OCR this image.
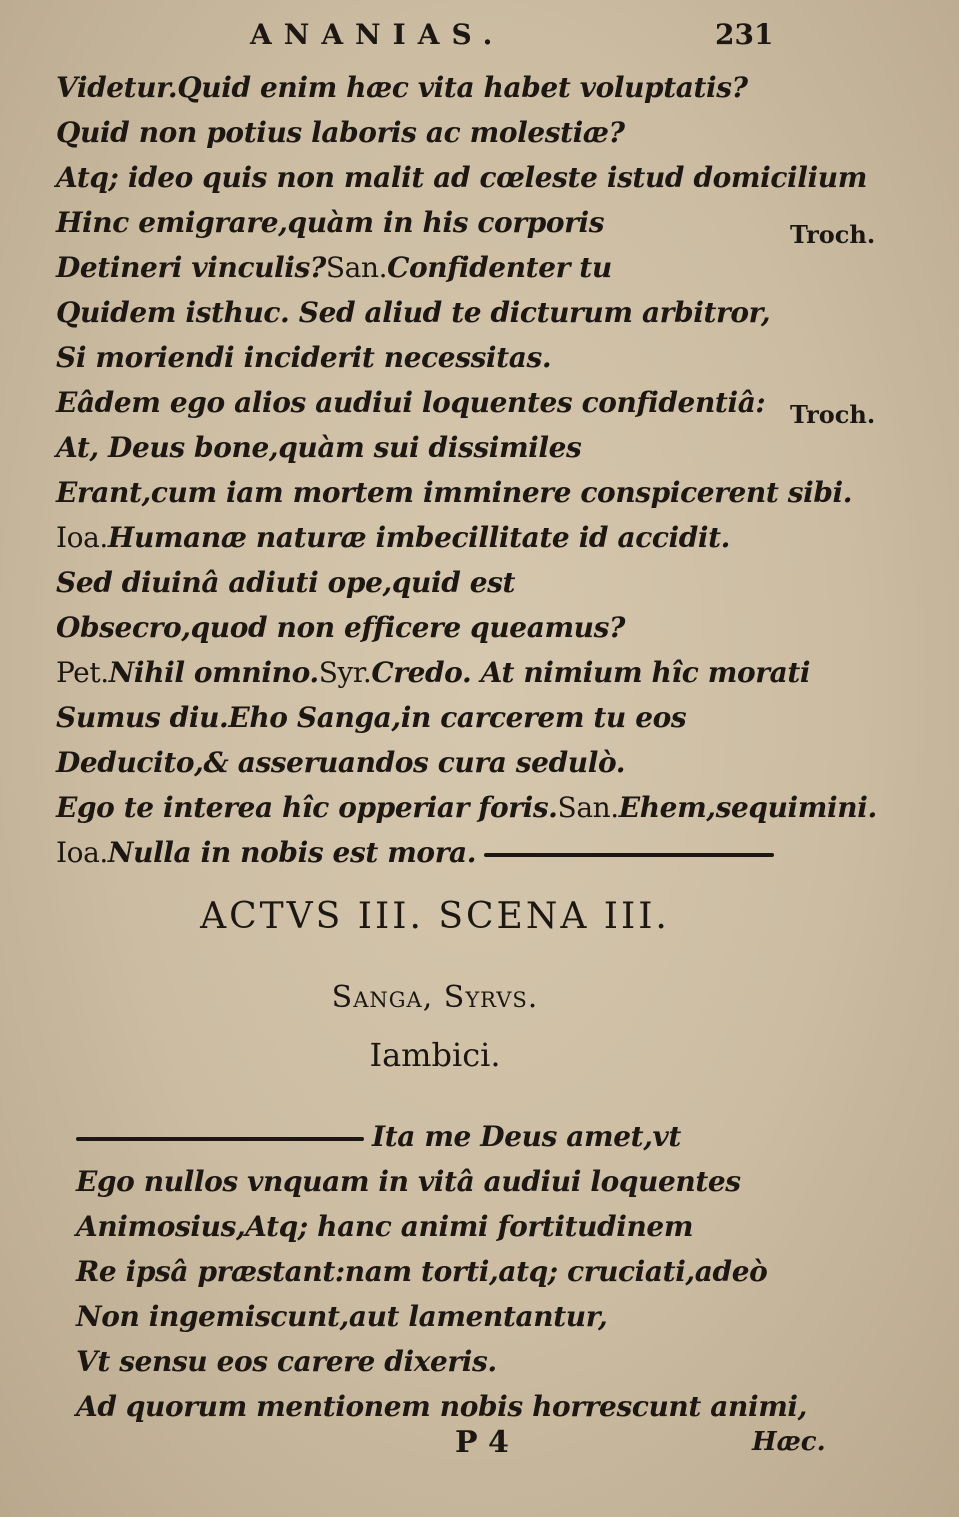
ANANIAS.	231
Videtur.Quid enim hæc vita habet voluptatis?
Quid non potius laboris ac molestiæ?
Atq; ideo quis non malit ad cœleste istud domicilium
Hinc emigrare,quàm in his corporis
Detineri vinculis?San.Confidenter tu
Quidem isthuc. Sed aliud te dicturum arbitror,
Si moriendi inciderit necessitas.
Eâdem ego alios audiui loquentes confidentiâ:
At, Deus bone,quàm sui dissimiles
Erant,cum iam mortem imminere conspicerent sibi.
Ioa.Humanæ naturæ imbecillitate id accidit.
Sed diuinâ adiuti ope,quid est
Obsecro,quod non efficere queamus?
Pet.Nihil omnino.Syr.Credo. At nimium hîc morati
Sumus diu.Eho Sanga,in carcerem tu eos
Deducito,& asseruandos cura sedulò.
Ego te interea hîc opperiar foris.San.Ehem,sequimini.
Ioa.Nulla in nobis est mora.
Troch.
Troch.
ACTVS III. SCENA III.
Sanga, Syrvs.
Iambici.
Ita me Deus amet,vt
Ego nullos vnquam in vitâ audiui loquentes
Animosius,Atq; hanc animi fortitudinem
Re ipsâ præstant:nam torti,atq; cruciati,adeò
Non ingemiscunt,aut lamentantur,
Vt sensu eos carere dixeris.
Ad quorum mentionem nobis horrescunt animi,
P 4	Hæc.
